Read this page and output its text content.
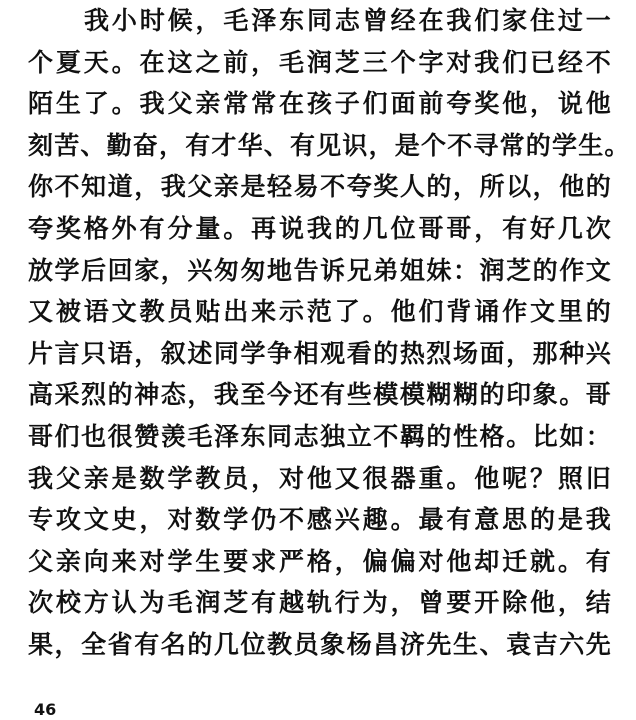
我小时候，毛泽东同志曾经在我们家住过一
个夏天。在这之前，毛润芝三个字对我们已经不
陌生了。我父亲常常在孩子们面前夸奖他，说他
刻苦、勤奋，有才华、有见识，是个不寻常的学生。
你不知道，我父亲是轻易不夸奖人的，所以，他的
夸奖格外有分量。再说我的几位哥哥，有好几次
放学后回家，兴匆匆地告诉兄弟姐妹：润芝的作文
又被语文教员贴出来示范了。他们背诵作文里的
片言只语，叙述同学争相观看的热烈场面，那种兴
高采烈的神态，我至今还有些模模糊糊的印象。哥
哥们也很赞羡毛泽东同志独立不羁的性格。比如：
我父亲是数学教员，对他又很器重。他呢？照旧
专攻文史，对数学仍不感兴趣。最有意思的是我
父亲向来对学生要求严格，偏偏对他却迁就。有
次校方认为毛润芝有越轨行为，曾要开除他，结
果，全省有名的几位教员象杨昌济先生、袁吉六先
46
